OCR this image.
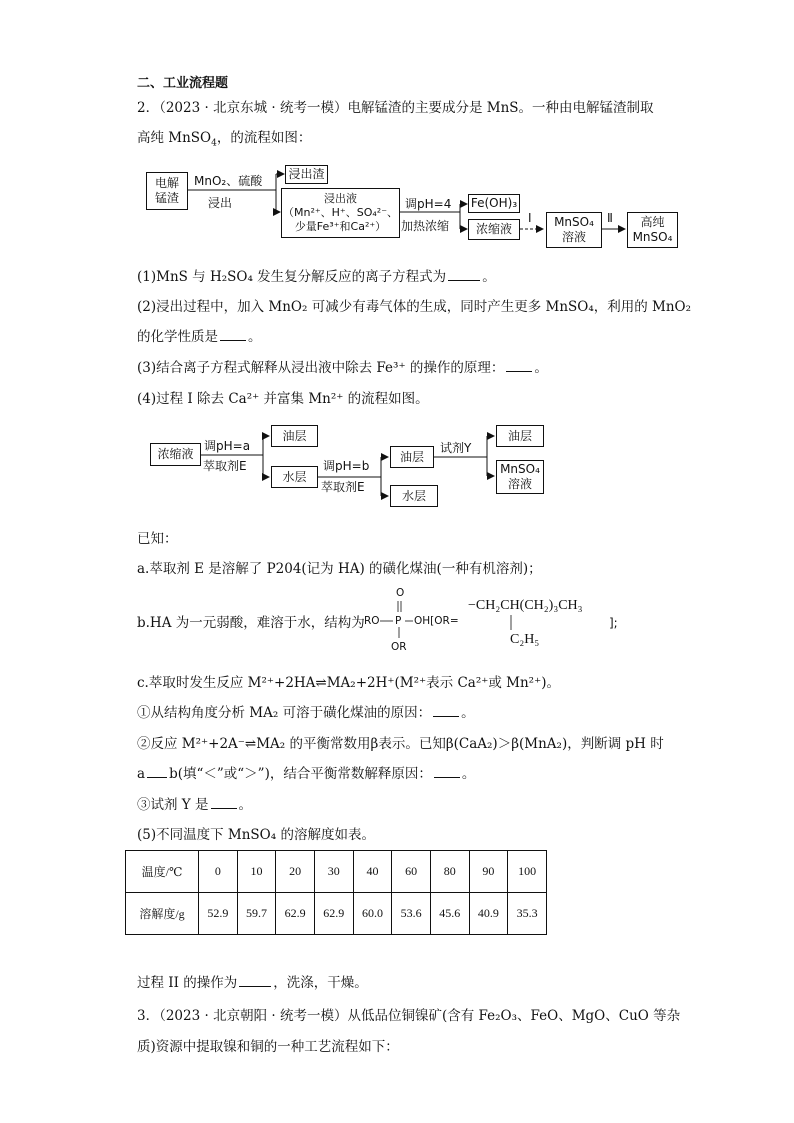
二、工业流程题
2．（2023 · 北京东城 · 统考一模）电解锰渣的主要成分是 MnS。一种由电解锰渣制取
高纯 MnSO$_4$，的流程如图：
电解
锰渣
MnO₂、硫酸
浸出
浸出渣
浸出液
（Mn²⁺、H⁺、SO₄²⁻、
少量Fe³⁺和Ca²⁺）
调pH=4
加热浓缩
Fe(OH)₃
浓缩液
I MnSO₄
溶液
Ⅱ	高纯
MnSO₄
(1)MnS 与 H₂SO₄ 发生复分解反应的离子方程式为	。
(2)浸出过程中，加入 MnO₂ 可减少有毒气体的生成，同时产生更多 MnSO₄，利用的 MnO₂
的化学性质是 。
(3)结合离子方程式解释从浸出液中除去 Fe³⁺ 的操作的原理： 。
(4)过程 I 除去 Ca²⁺ 并富集 Mn²⁺ 的流程如图。
浓缩液
调pH=a
萃取剂E
油层
水层
调pH=b
萃取剂E
油层
水层
试剂Y
油层
MnSO₄
溶液
已知：
a.萃取剂 E 是溶解了 P204(记为 HA) 的磺化煤油(一种有机溶剂)；
b.HA 为一元弱酸，难溶于水，结构为
O
RO P OH[OR=
OR
−CH₂CH(CH₂)₃CH₃
C₂H₅
];
c.萃取时发生反应 M²⁺+2HA⇌MA₂+2H⁺(M²⁺表示 Ca²⁺或 Mn²⁺)。
①从结构角度分析 MA₂ 可溶于磺化煤油的原因： 。
②反应 M²⁺+2A⁻⇌MA₂ 的平衡常数用β表示。已知β(CaA₂)＞β(MnA₂)，判断调 pH 时
a b(填“＜”或“＞”)，结合平衡常数解释原因： 。
③试剂 Y 是 。
(5)不同温度下 MnSO₄ 的溶解度如表。
温度/℃	0	10	20	30	40	60	80	90	100
溶解度/g	52.9	59.7	62.9	62.9	60.0	53.6	45.6	40.9	35.3
过程 II 的操作为	，洗涤，干燥。
3．（2023 · 北京朝阳 · 统考一模）从低品位铜镍矿(含有 Fe₂O₃、FeO、MgO、CuO 等杂
质)资源中提取镍和铜的一种工艺流程如下：
